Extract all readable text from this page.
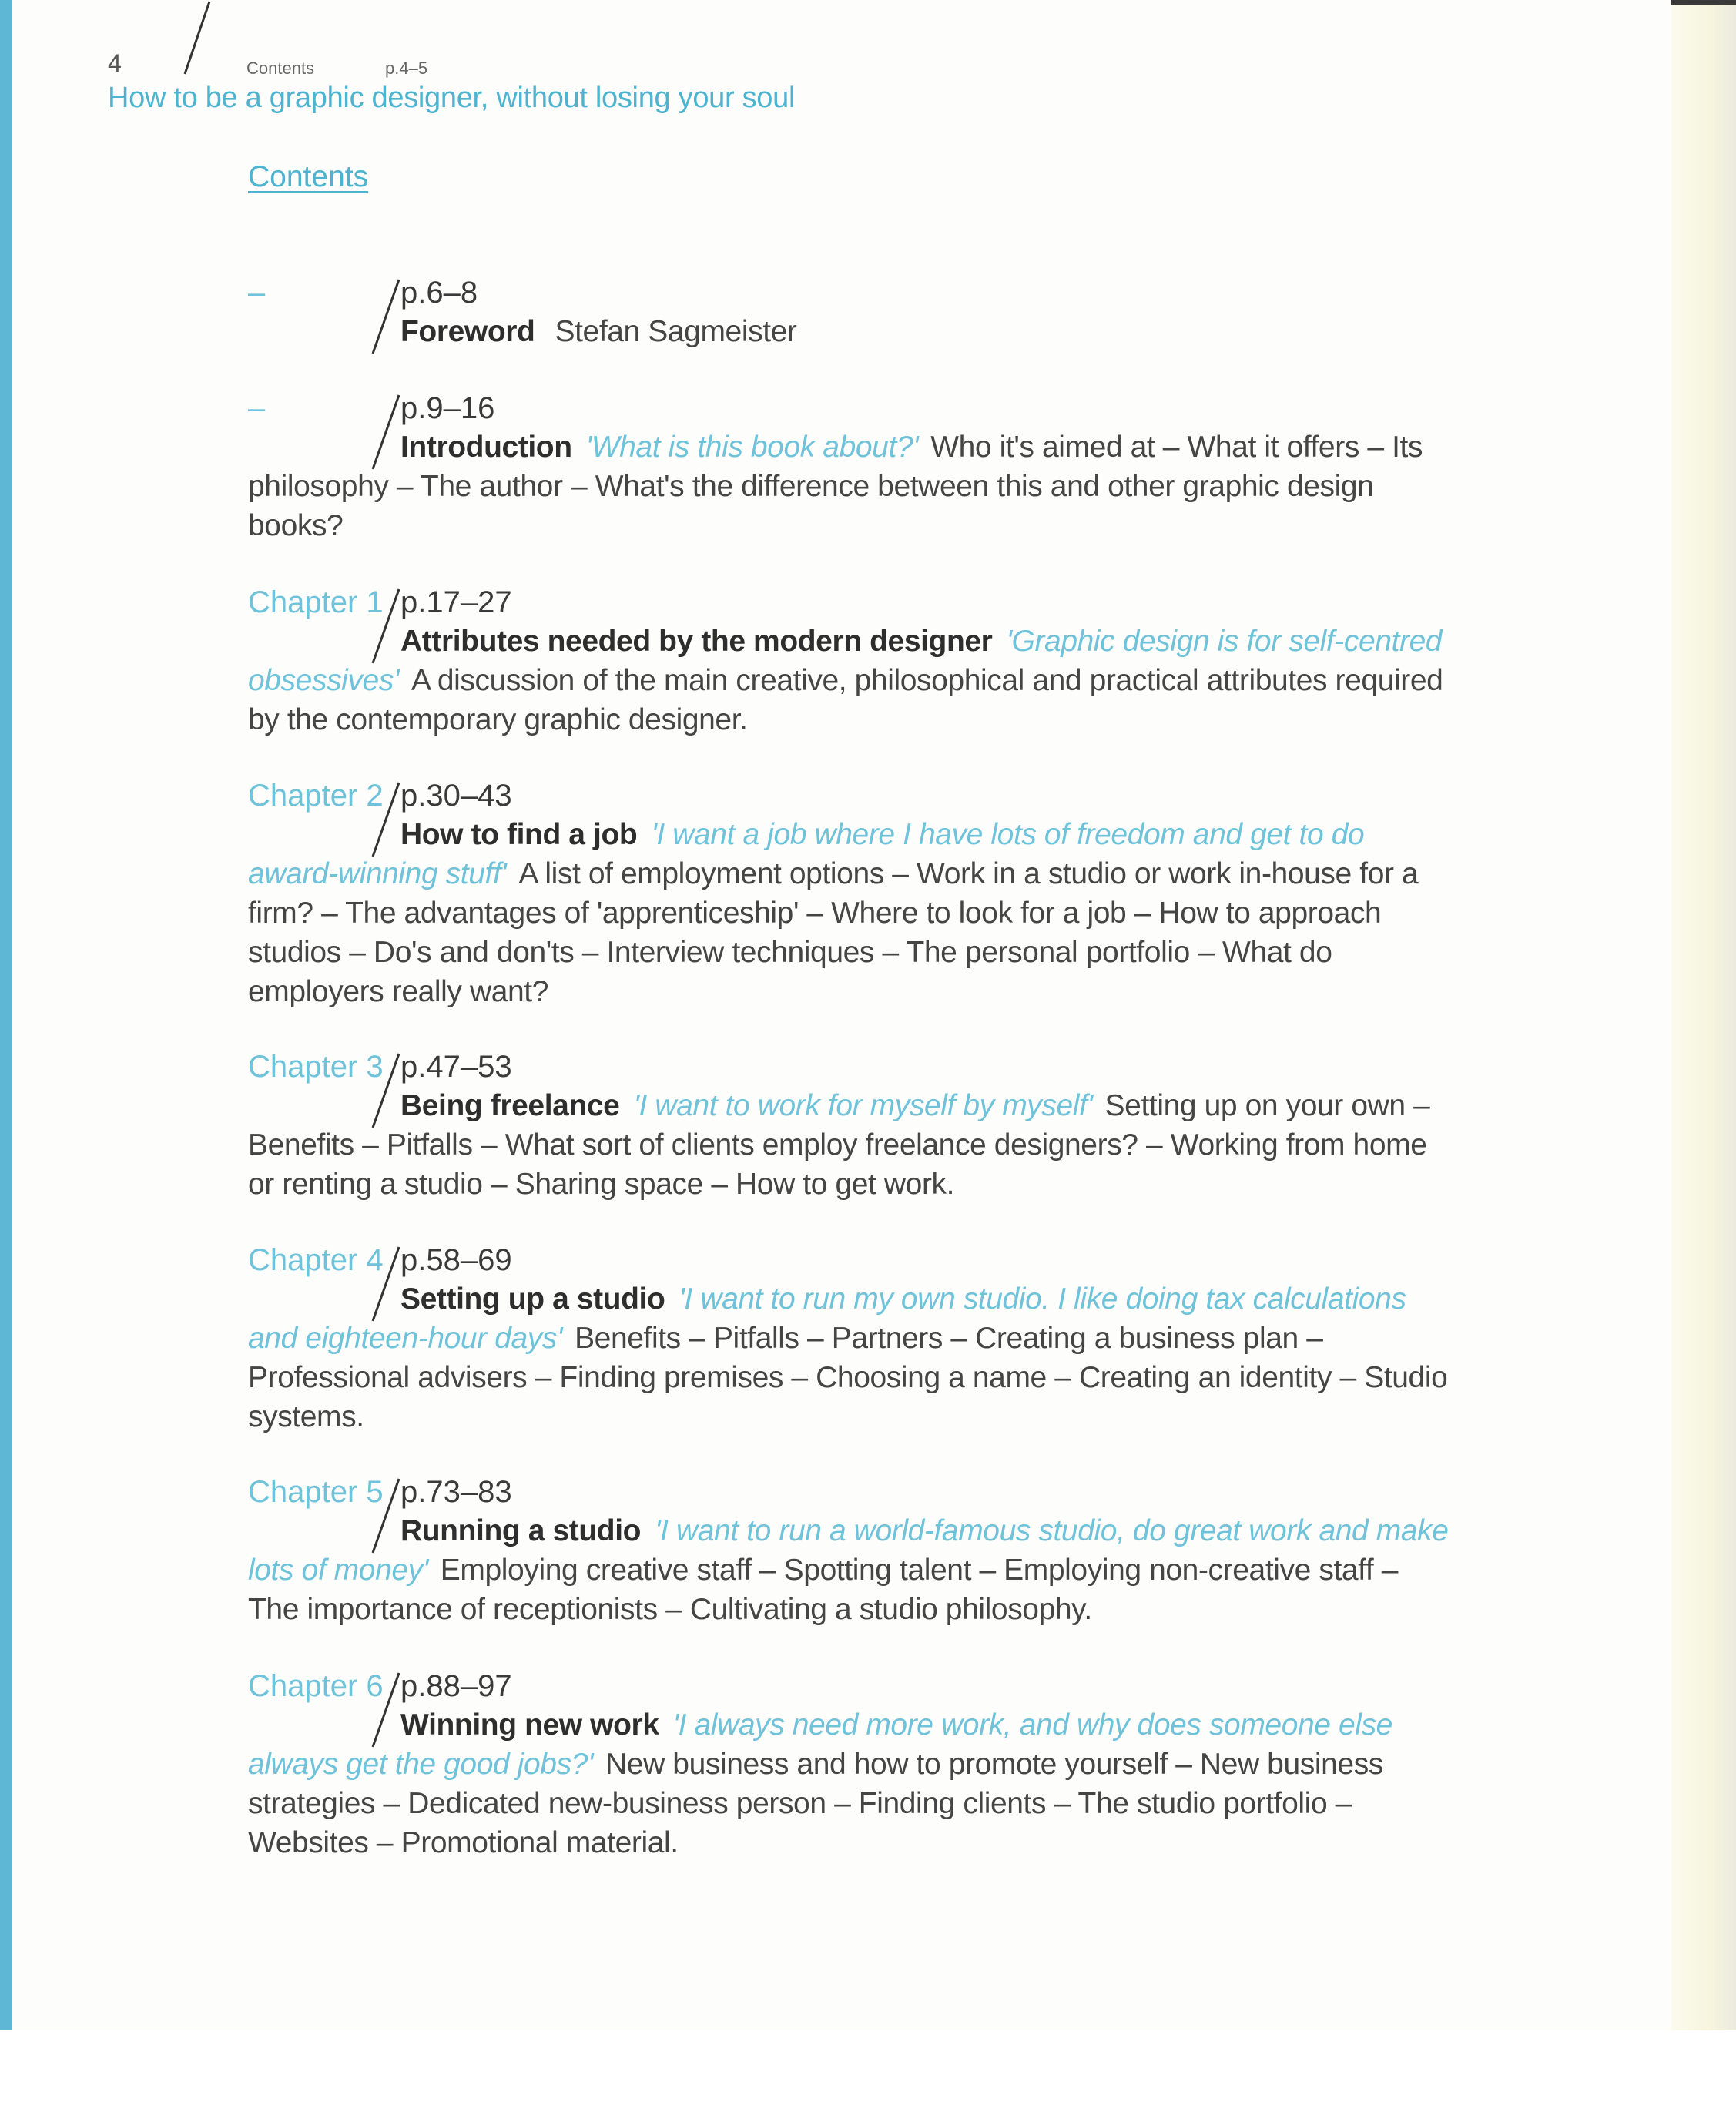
4	Contents	p.4–5
How to be a graphic designer, without losing your soul
Contents
–	p.6–8

Foreword Stefan Sagmeister

–	p.9–16

Introduction 'What is this book about?' Who it's aimed at – What it offers – Its philosophy – The author – What's the difference between this and other graphic design books?

Chapter 1 p.17–27

Attributes needed by the modern designer 'Graphic design is for self-centred obsessives' A discussion of the main creative, philosophical and practical attributes required by the contemporary graphic designer.

Chapter 2 p.30–43

How to find a job 'I want a job where I have lots of freedom and get to do award-winning stuff' A list of employment options – Work in a studio or work in-house for a firm? – The advantages of 'apprenticeship' – Where to look for a job – How to approach studios – Do's and don'ts – Interview techniques – The personal portfolio – What do employers really want?

Chapter 3 p.47–53

Being freelance 'I want to work for myself by myself' Setting up on your own – Benefits – Pitfalls – What sort of clients employ freelance designers? – Working from home or renting a studio – Sharing space – How to get work.

Chapter 4 p.58–69

Setting up a studio 'I want to run my own studio. I like doing tax calculations and eighteen-hour days' Benefits – Pitfalls – Partners – Creating a business plan – Professional advisers – Finding premises – Choosing a name – Creating an identity – Studio systems.

Chapter 5 p.73–83

Running a studio 'I want to run a world-famous studio, do great work and make lots of money' Employing creative staff – Spotting talent – Employing non-creative staff – The importance of receptionists – Cultivating a studio philosophy.

Chapter 6 p.88–97

Winning new work 'I always need more work, and why does someone else always get the good jobs?' New business and how to promote yourself – New business strategies – Dedicated new-business person – Finding clients – The studio portfolio – Websites – Promotional material.
